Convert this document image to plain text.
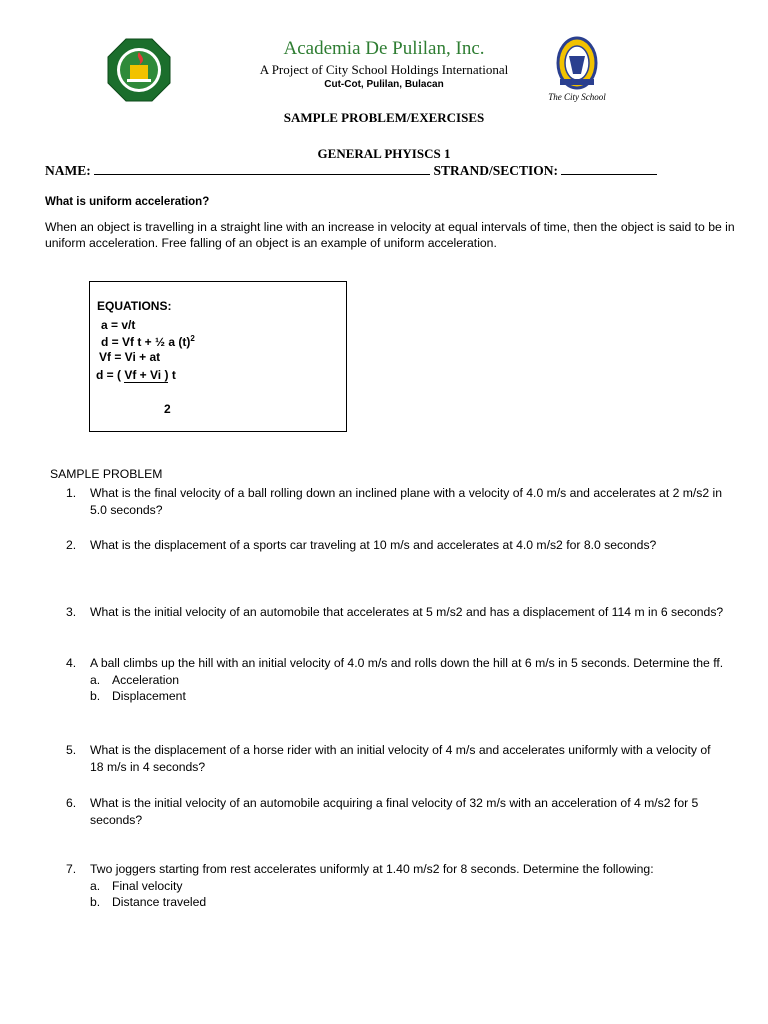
The City School
Academia De Pulilan, Inc.
A Project of City School Holdings International
Cut-Cot, Pulilan, Bulacan
SAMPLE PROBLEM/EXERCISES
GENERAL PHYISCS 1
NAME:	STRAND/SECTION:
What is uniform acceleration?
When an object is travelling in a straight line with an increase in velocity at equal intervals of time, then the object is said to be in uniform acceleration. Free falling of an object is an example of uniform acceleration.
EQUATIONS:
a = v/t
d = Vf t + ½ a $(t)^2$
Vf = Vi + at
d = ( Vf + Vi ) t
2
SAMPLE PROBLEM
1.	What is the final velocity of a ball rolling down an inclined plane with a velocity of 4.0 m/s and accelerates at 2 m/s2 in 5.0 seconds?
2.	What is the displacement of a sports car traveling at 10 m/s and accelerates at 4.0 m/s2 for 8.0 seconds?
3.	What is the initial velocity of an automobile that accelerates at 5 m/s2 and has a displacement of 114 m in 6 seconds?
4.	A ball climbs up the hill with an initial velocity of 4.0 m/s and rolls down the hill at 6 m/s in 5 seconds. Determine the ff.
a. Acceleration
b. Displacement
5.	What is the displacement of a horse rider with an initial velocity of 4 m/s and accelerates uniformly with a velocity of 18 m/s in 4 seconds?
6.	What is the initial velocity of an automobile acquiring a final velocity of 32 m/s with an acceleration of 4 m/s2 for 5 seconds?
7.	Two joggers starting from rest accelerates uniformly at 1.40 m/s2 for 8 seconds. Determine the following:
a. Final velocity
b. Distance traveled
